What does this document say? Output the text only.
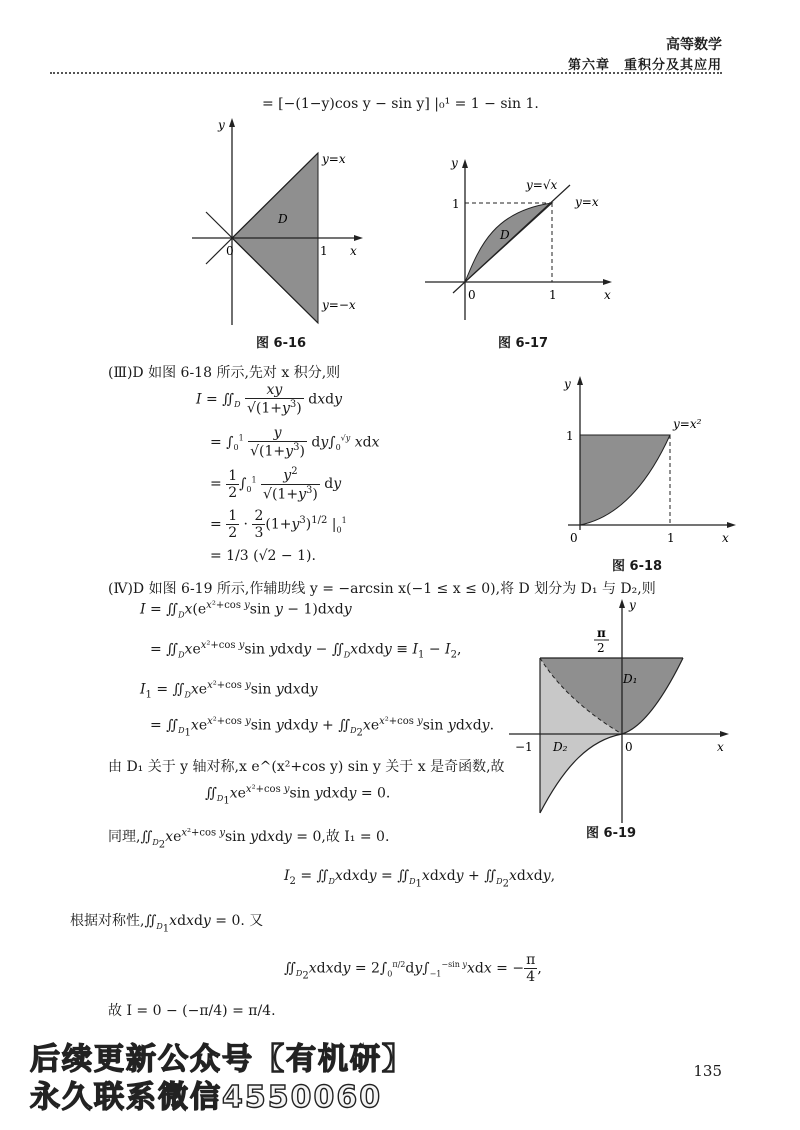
高等数学
第六章　重积分及其应用
= [−(1−y)cos y − sin y] |₀¹ = 1 − sin 1.
y
x
0	1
D
y=x
y=−x
图 6-16
y
x
0	1
1
D
y=√x
y=x
图 6-17
(Ⅲ)D 如图 6-18 所示,先对 x 积分,则
$I = ∬_D \frac{xy}{√(1+y^3)}$ dxdy
= $\int_0^1 \frac{y}{√(1+y^3)} dy\int_0^{√y}$ xdx
= $\frac{1}{2} \int_0^1 \frac{y^2}{√(1+y^3)}$ dy
= $\frac{1}{2} \cdot \frac{2}{3} (1+y^3)^{1/2}$ $|_0^1$
= 1/3 (√2 − 1).
y
x
0	1
1
y=x²
图 6-18
(Ⅳ)D 如图 6-19 所示,作辅助线 y = −arcsin x(−1 ≤ x ≤ 0),将 D 划分为 D₁ 与 D₂,则
$I = ∬_Dx(e^{x^2+cos y}\sin$ y − 1)dxdy
= $∬_Dxe^{x^2+cos y}\sin$ ydxdy − $∬_Dxdxdy \equiv I_1 - I_2$,
$I_1$ = $∬_Dxe^{x^2+cos y}\sin$ ydxdy
= $∬_{D_1}xe^{x^2+cos y}\sin$ ydxdy + $∬_{D_2}xe^{x^2+cos y}\sin$ ydxdy.
由 D₁ 关于 y 轴对称,x e^(x²+cos y) sin y 关于 x 是奇函数,故
$∬_{D_1}xe^{x^2+cos y}\sin$ ydxdy = 0.
同理$,∬_{D_2}xe^{x^2+cos y}\sin$ ydxdy = 0,故 I₁ = 0.
$I_2$ = $∬_Dxdxdy$ = $∬_{D_1}xdxdy$ + $∬_{D_2}xdxdy$,
根据对称性$,∬_{D_1}xdxdy = 0$. 又
$∬_{D_2}xdxdy = 2\int_0^{\pi/2}dy\int_{-1}^{-sin y}xdx$ = − $\frac{\pi}{4}$ ,
故 I = 0 − (−π/4) = π/4.
y
x
0
−1
π
2
D₁
D₂
图 6-19
后续更新公众号【有机研】
永久联系微信4550060
135
